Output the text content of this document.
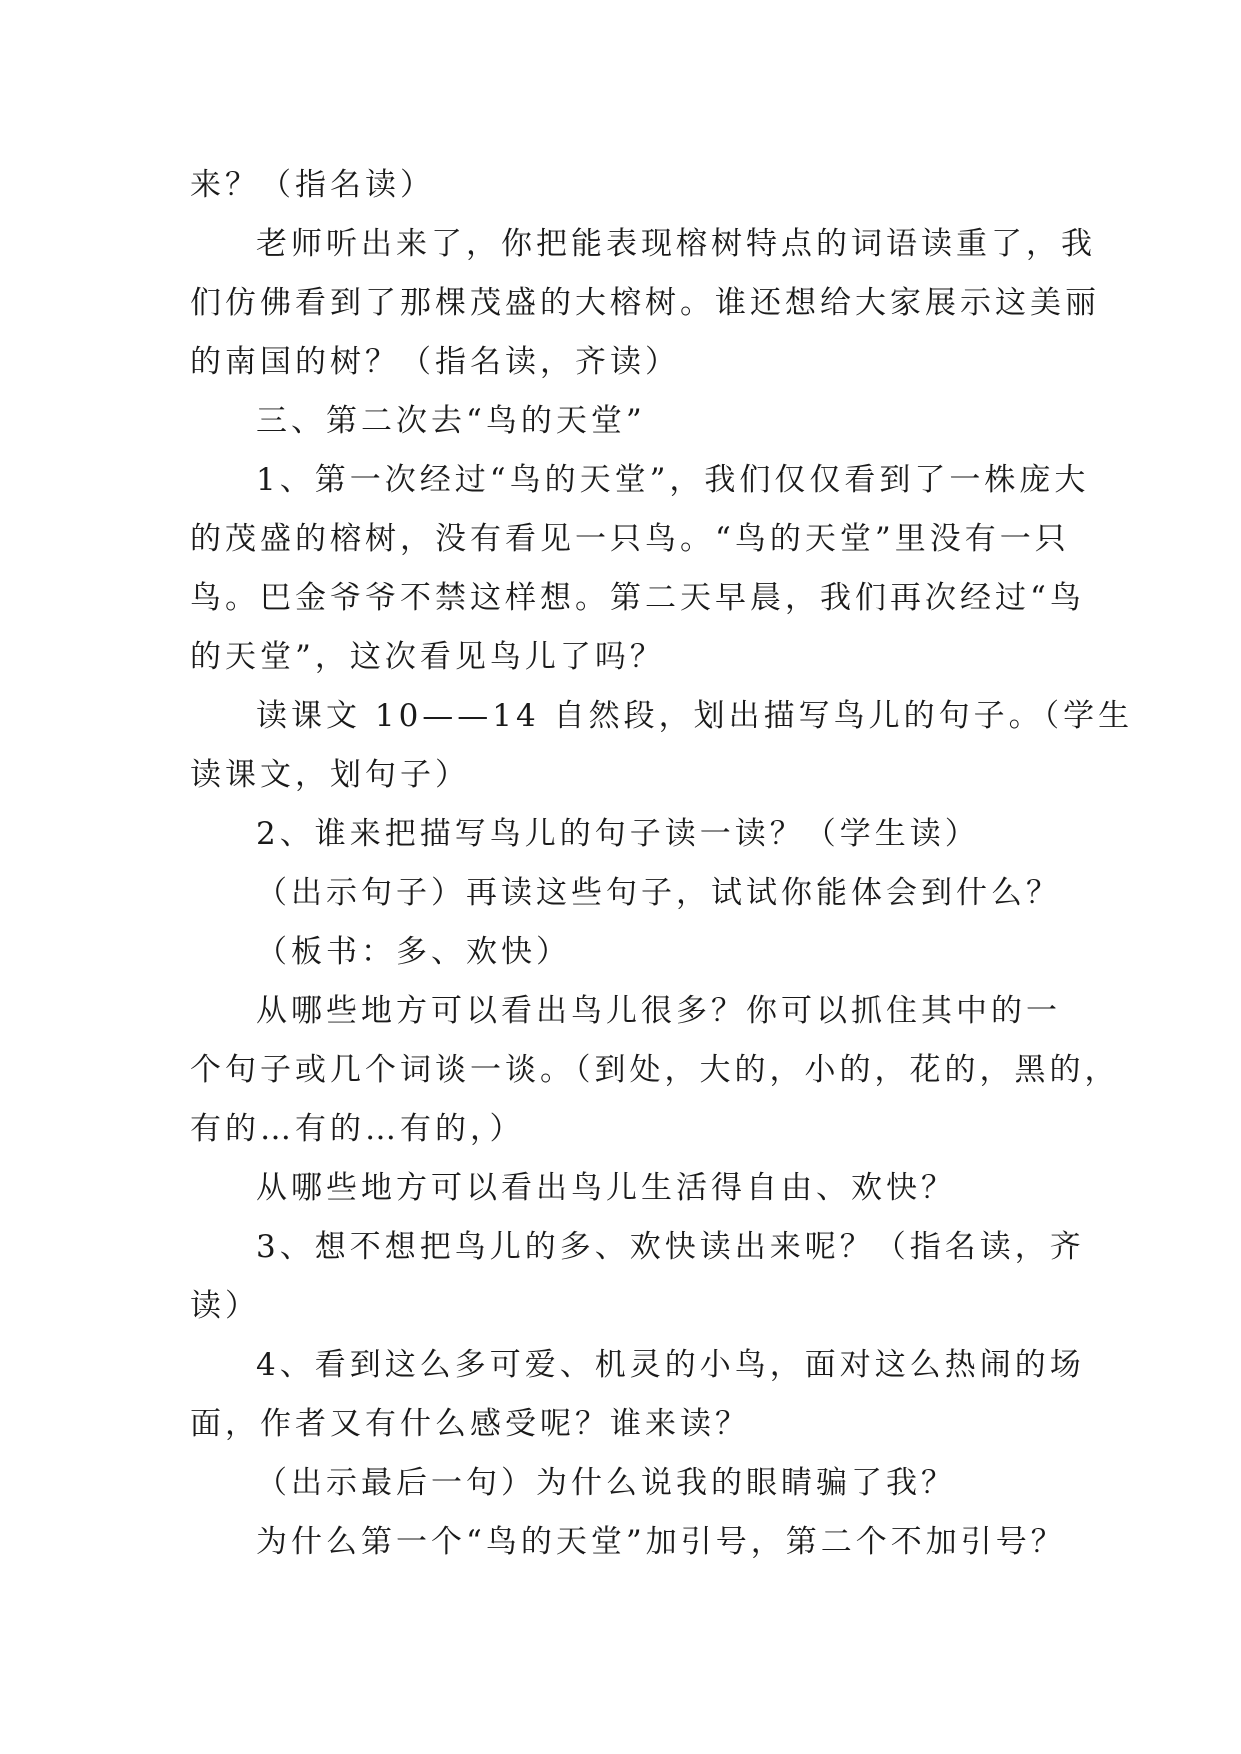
来？（指名读）
老师听出来了，你把能表现榕树特点的词语读重了，我
们仿佛看到了那棵茂盛的大榕树。谁还想给大家展示这美丽
的南国的树？（指名读，齐读）
三、第二次去“鸟的天堂”
1、第一次经过“鸟的天堂”，我们仅仅看到了一株庞大
的茂盛的榕树，没有看见一只鸟。“鸟的天堂”里没有一只
鸟。巴金爷爷不禁这样想。第二天早晨，我们再次经过“鸟
的天堂”，这次看见鸟儿了吗？
读课文 10——14 自然段，划出描写鸟儿的句子。（学生
读课文，划句子）
2、谁来把描写鸟儿的句子读一读？（学生读）
（出示句子）再读这些句子，试试你能体会到什么？
（板书：多、欢快）
从哪些地方可以看出鸟儿很多？你可以抓住其中的一
个句子或几个词谈一谈。（到处，大的，小的，花的，黑的，
有的…有的…有的，）
从哪些地方可以看出鸟儿生活得自由、欢快？
3、想不想把鸟儿的多、欢快读出来呢？（指名读，齐
读）
4、看到这么多可爱、机灵的小鸟，面对这么热闹的场
面，作者又有什么感受呢？谁来读？
（出示最后一句）为什么说我的眼睛骗了我？
为什么第一个“鸟的天堂”加引号，第二个不加引号？
